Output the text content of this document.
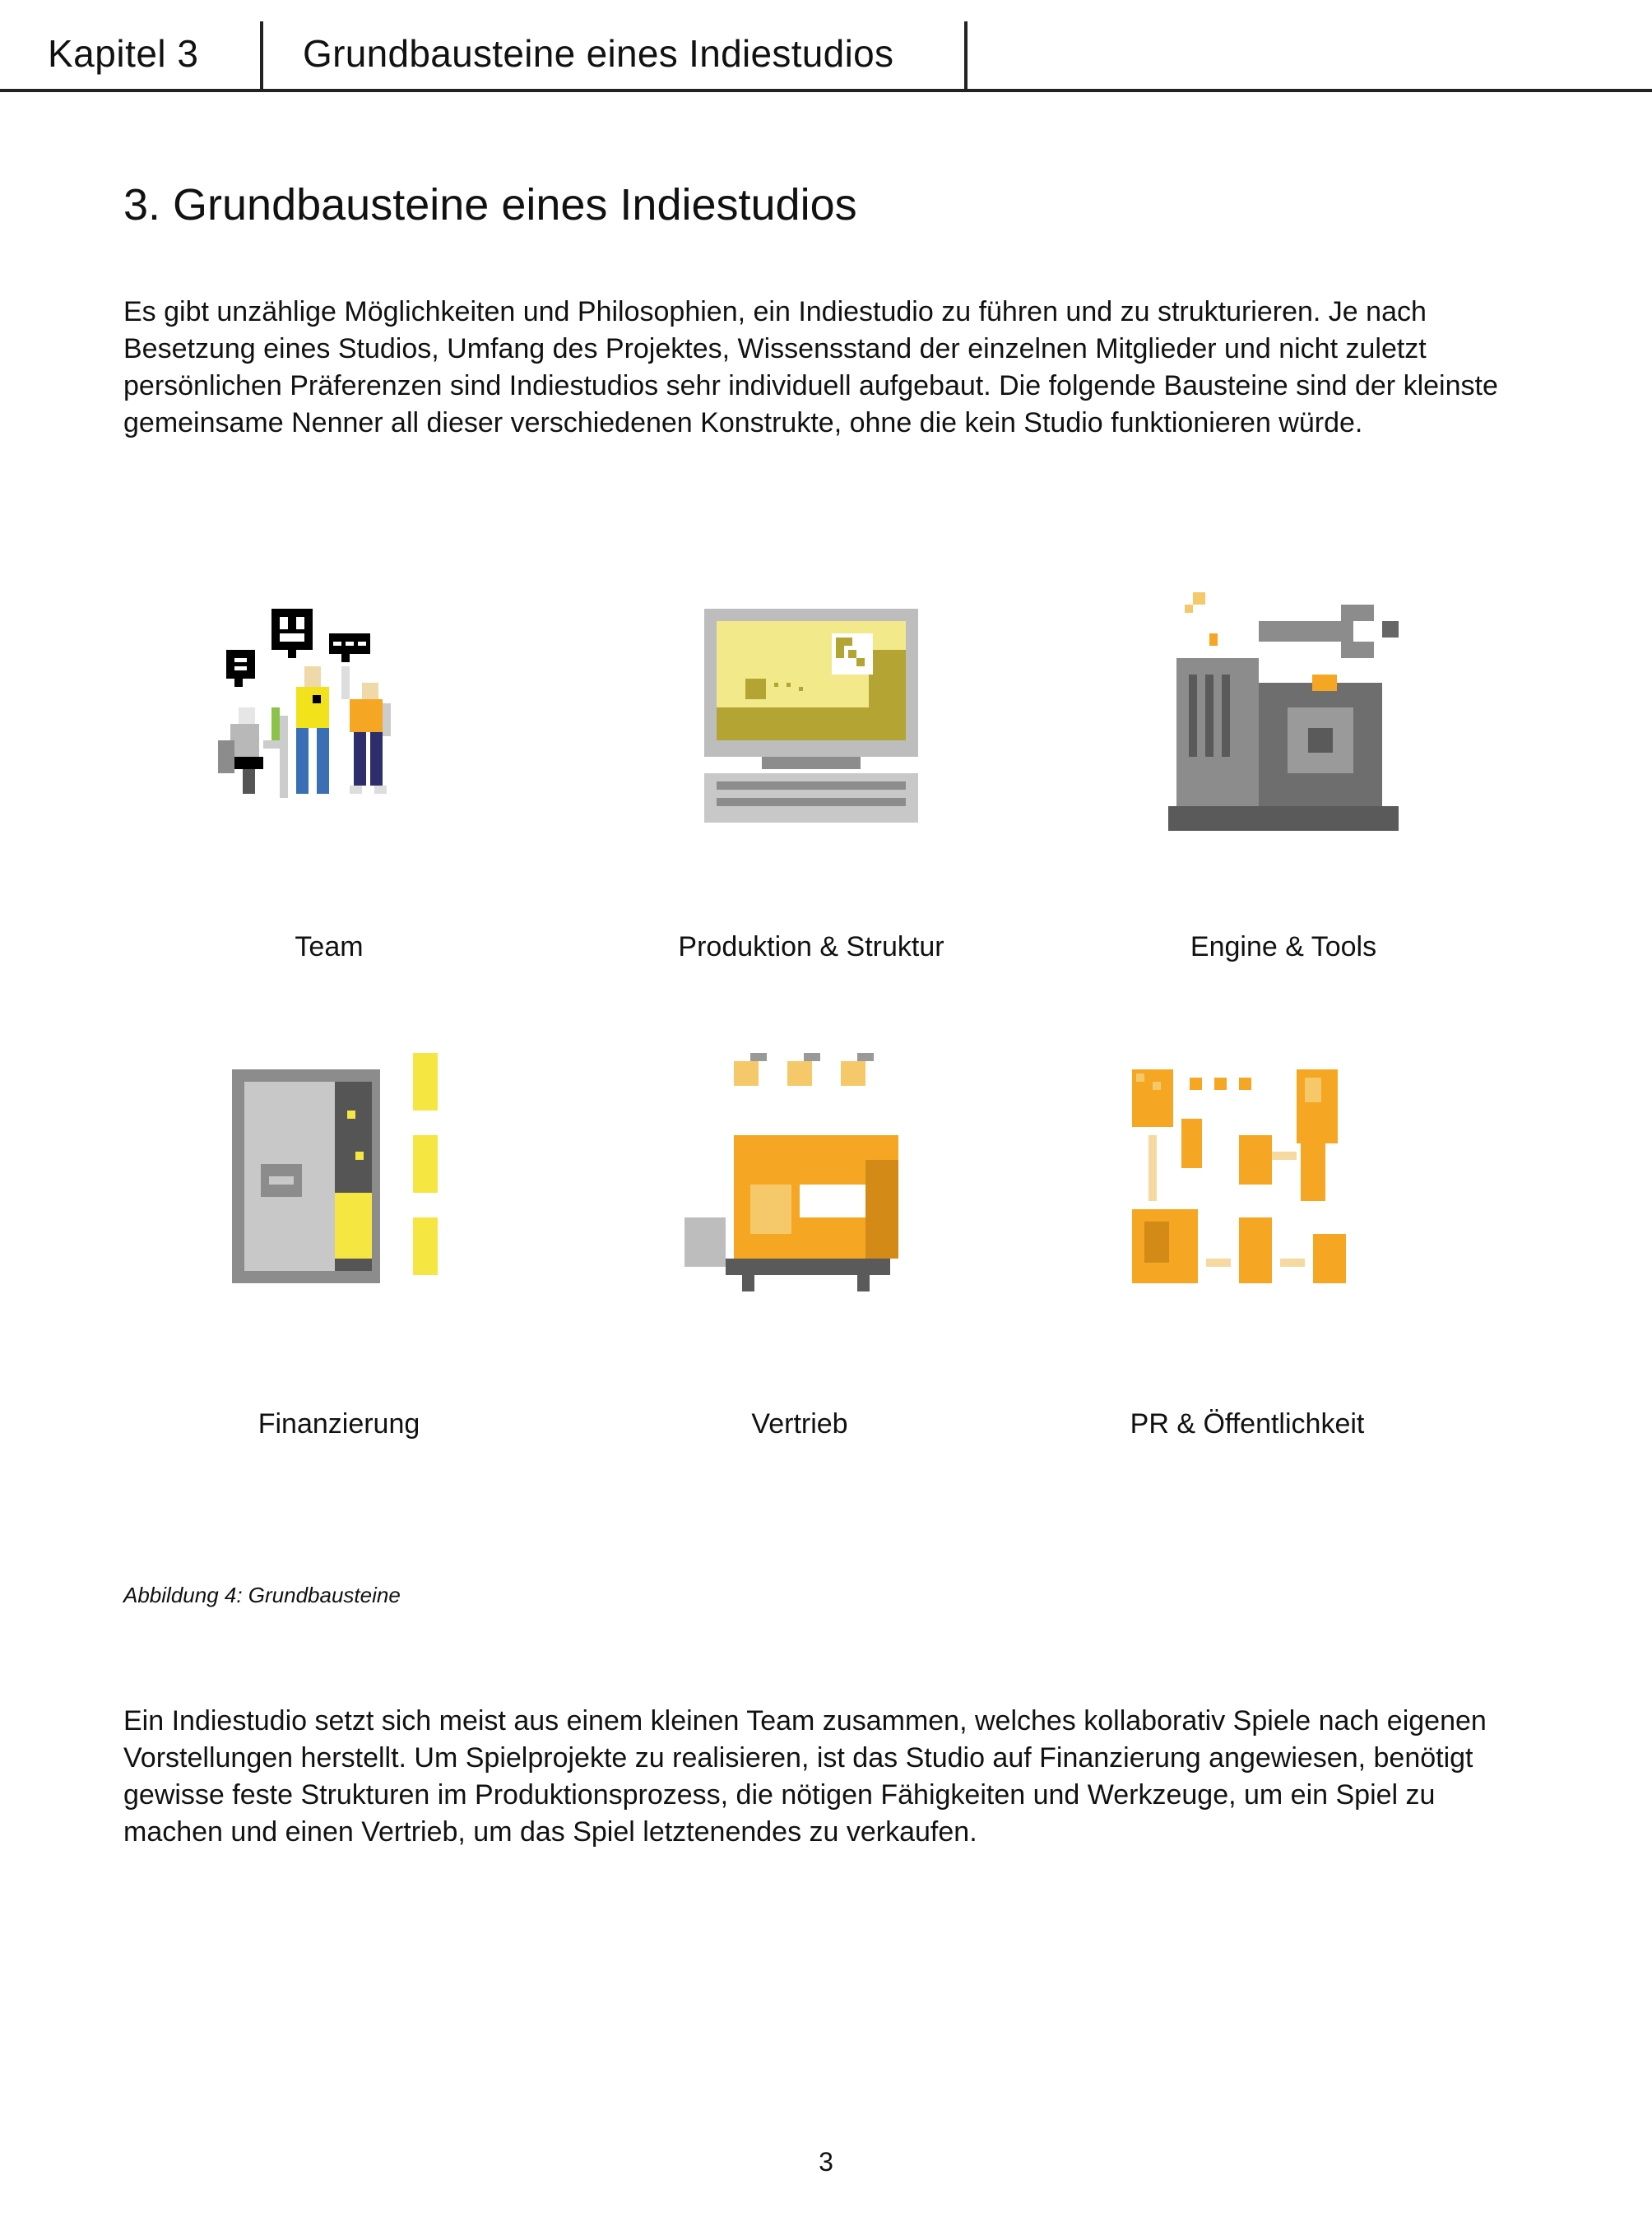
Kapitel 3	Grundbausteine eines Indiestudios
3. Grundbausteine eines Indiestudios

Es gibt unzählige Möglichkeiten und Philosophien, ein Indiestudio zu führen und zu strukturieren. Je nach Besetzung eines Studios, Umfang des Projektes, Wissensstand der einzelnen Mitglieder und nicht zuletzt persönlichen Präferenzen sind Indiestudios sehr individuell aufgebaut. Die folgende Bausteine sind der kleinste gemeinsame Nenner all dieser verschiedenen Konstrukte, ohne die kein Studio funktionieren würde.

Team	Produktion & Struktur	Engine & Tools
Finanzierung	Vertrieb	PR & Öffentlichkeit
Abbildung 4: Grundbausteine

Ein Indiestudio setzt sich meist aus einem kleinen Team zusammen, welches kollaborativ Spiele nach eigenen Vorstellungen herstellt. Um Spielprojekte zu realisieren, ist das Studio auf Finanzierung angewiesen, benötigt gewisse feste Strukturen im Produktionsprozess, die nötigen Fähigkeiten und Werkzeuge, um ein Spiel zu machen und einen Vertrieb, um das Spiel letztenendes zu verkaufen.

3
